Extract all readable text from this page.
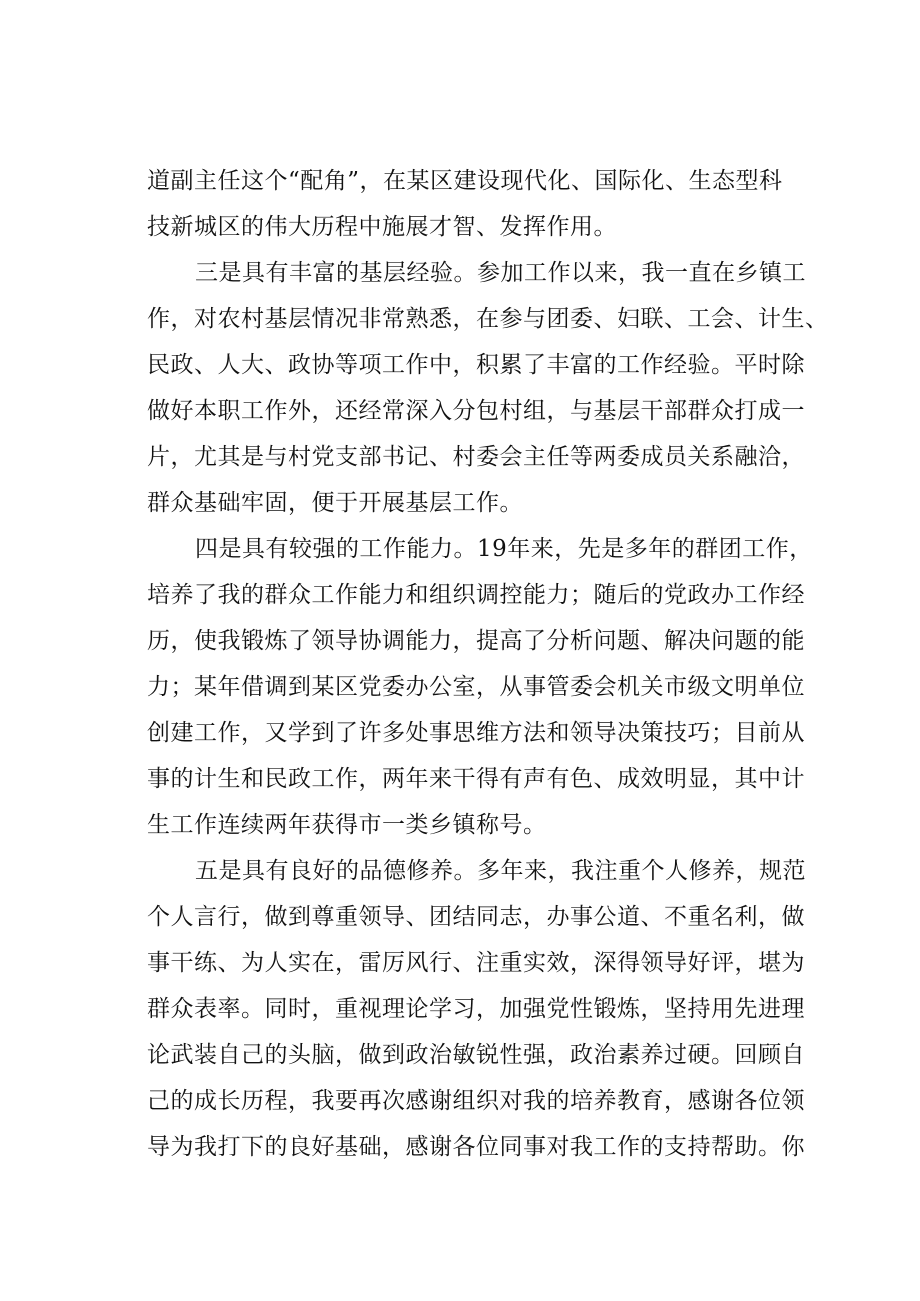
道副主任这个“配角”，在某区建设现代化、国际化、生态型科
技新城区的伟大历程中施展才智、发挥作用。
三是具有丰富的基层经验。参加工作以来，我一直在乡镇工
作，对农村基层情况非常熟悉，在参与团委、妇联、工会、计生、
民政、人大、政协等项工作中，积累了丰富的工作经验。平时除
做好本职工作外，还经常深入分包村组，与基层干部群众打成一
片，尤其是与村党支部书记、村委会主任等两委成员关系融洽，
群众基础牢固，便于开展基层工作。
四是具有较强的工作能力。19年来，先是多年的群团工作，
培养了我的群众工作能力和组织调控能力；随后的党政办工作经
历，使我锻炼了领导协调能力，提高了分析问题、解决问题的能
力；某年借调到某区党委办公室，从事管委会机关市级文明单位
创建工作，又学到了许多处事思维方法和领导决策技巧；目前从
事的计生和民政工作，两年来干得有声有色、成效明显，其中计
生工作连续两年获得市一类乡镇称号。
五是具有良好的品德修养。多年来，我注重个人修养，规范
个人言行，做到尊重领导、团结同志，办事公道、不重名利，做
事干练、为人实在，雷厉风行、注重实效，深得领导好评，堪为
群众表率。同时，重视理论学习，加强党性锻炼，坚持用先进理
论武装自己的头脑，做到政治敏锐性强，政治素养过硬。回顾自
己的成长历程，我要再次感谢组织对我的培养教育，感谢各位领
导为我打下的良好基础，感谢各位同事对我工作的支持帮助。你
